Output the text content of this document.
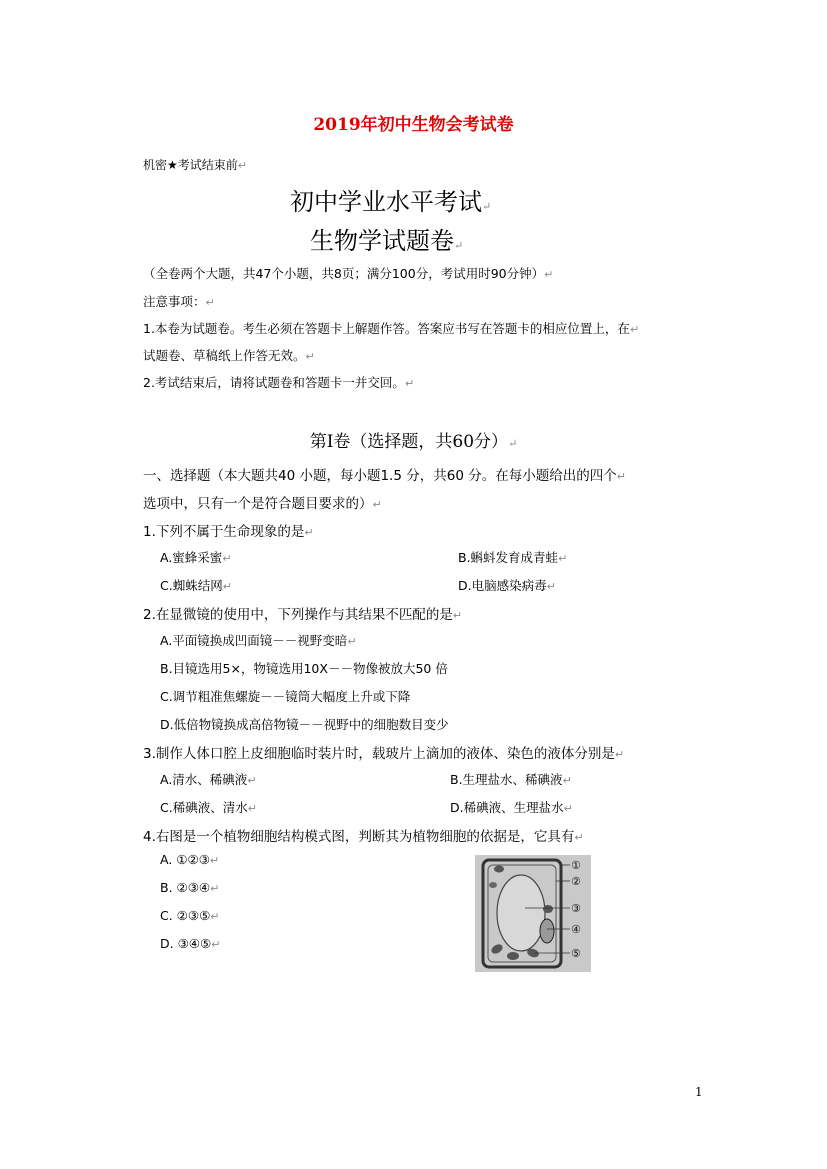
2019年初中生物会考试卷
机密★考试结束前↵
初中学业水平考试↵
生物学试题卷↵
（全卷两个大题，共47个小题，共8页；满分100分，考试用时90分钟）↵
注意事项：↵
1.本卷为试题卷。考生必须在答题卡上解题作答。答案应书写在答题卡的相应位置上，在↵
试题卷、草稿纸上作答无效。↵
2.考试结束后，请将试题卷和答题卡一并交回。↵
第Ⅰ卷（选择题，共60分）↵
一、选择题（本大题共40 小题，每小题1.5 分，共60 分。在每小题给出的四个↵
选项中，只有一个是符合题目要求的）↵
1.下列不属于生命现象的是↵
A.蜜蜂采蜜↵	B.蝌蚪发育成青蛙↵
C.蜘蛛结网↵	D.电脑感染病毒↵
2.在显微镜的使用中，下列操作与其结果不匹配的是↵
A.平面镜换成凹面镜－－视野变暗↵
B.目镜选用5×，物镜选用10X－－物像被放大50 倍
C.调节粗准焦螺旋－－镜筒大幅度上升或下降
D.低倍物镜换成高倍物镜－－视野中的细胞数目变少
3.制作人体口腔上皮细胞临时装片时，载玻片上滴加的液体、染色的液体分别是↵
A.清水、稀碘液↵	B.生理盐水、稀碘液↵
C.稀碘液、清水↵	D.稀碘液、生理盐水↵
4.右图是一个植物细胞结构模式图，判断其为植物细胞的依据是，它具有↵
A. ①②③↵
B. ②③④↵
C. ②③⑤↵
D. ③④⑤↵
①
②
③
④
⑤
1
